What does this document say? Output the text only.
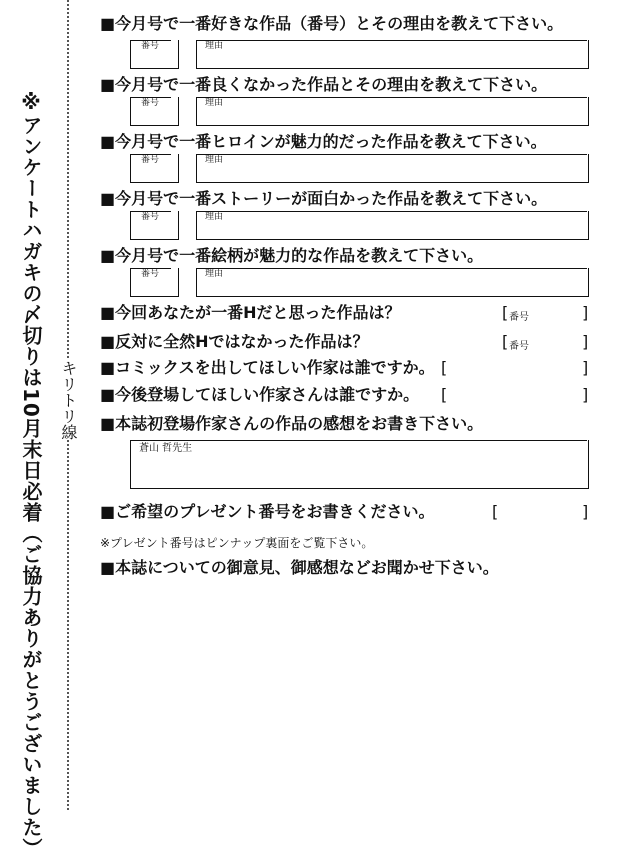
※アンケートハガキの〆切りは10月末日必着（ご協力ありがとうございました）	キリトリ線
■今月号で一番好きな作品（番号）とその理由を教えて下さい。
番号	理由
■今月号で一番良くなかった作品とその理由を教えて下さい。
番号	理由
■今月号で一番ヒロインが魅力的だった作品を教えて下さい。
番号	理由
■今月号で一番ストーリーが面白かった作品を教えて下さい。
番号	理由
■今月号で一番絵柄が魅力的な作品を教えて下さい。
番号	理由
■今回あなたが一番Hだと思った作品は？	[ 番号	]
■反対に全然Hではなかった作品は？	[ 番号	]
■コミックスを出してほしい作家は誰ですか。 [	]
■今後登場してほしい作家さんは誰ですか。 [	]
■本誌初登場作家さんの作品の感想をお書き下さい。
蒼山 哲先生
■ご希望のプレゼント番号をお書きください。	[	]
※プレゼント番号はピンナップ裏面をご覧下さい。
■本誌についての御意見、御感想などお聞かせ下さい。
